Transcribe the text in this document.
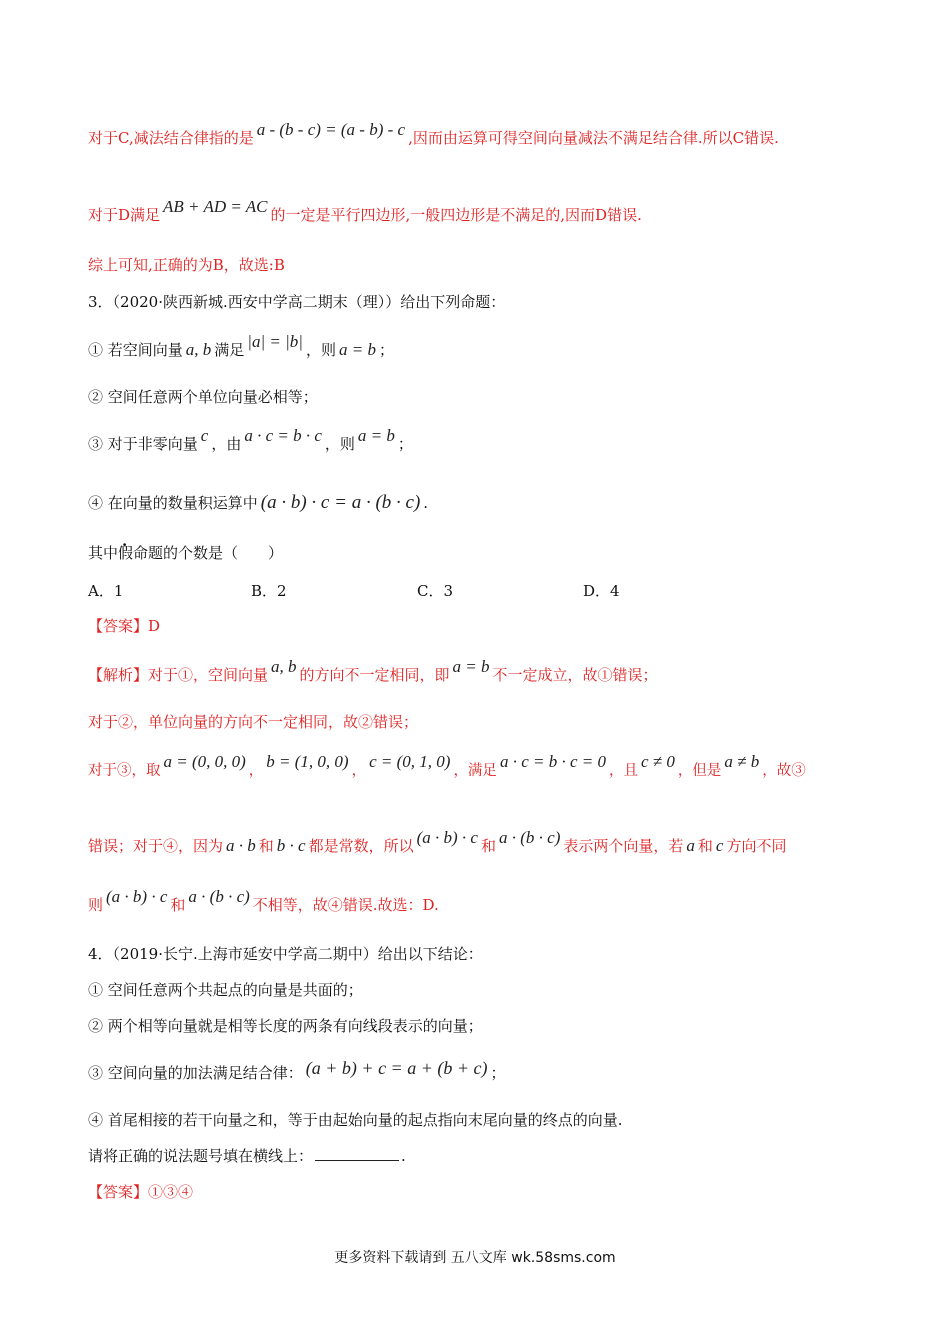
对于C,减法结合律指的是 a - (b - c) = (a - b) - c ,因而由运算可得空间向量减法不满足结合律.所以C错误.
对于D满足 AB + AD = AC 的一定是平行四边形,一般四边形是不满足的,因而D错误.
综上可知,正确的为B，故选:B
3．（2020·陕西新城.西安中学高二期末（理））给出下列命题：
① 若空间向量 a, b 满足 |a| = |b| ，则 a = b ；
② 空间任意两个单位向量必相等；
③ 对于非零向量 c ，由 a · c = b · c ，则 a = b ；
④ 在向量的数量积运算中 (a · b) · c = a · (b · c) .
其中假命题的个数是（　　）
A．1	B．2	C．3	D．4
【答案】D
【解析】对于①，空间向量 a, b 的方向不一定相同，即 a = b 不一定成立，故①错误；
对于②，单位向量的方向不一定相同，故②错误；
对于③，取 a = (0, 0, 0) ， b = (1, 0, 0) ， c = (0, 1, 0) ，满足 a · c = b · c = 0 ，且 c ≠ 0 ，但是 a ≠ b ，故③
错误；对于④，因为 a · b 和 b · c 都是常数，所以 (a · b) · c 和 a · (b · c) 表示两个向量，若 a 和 c 方向不同
则 (a · b) · c 和 a · (b · c) 不相等，故④错误.故选：D.
4．（2019·长宁.上海市延安中学高二期中）给出以下结论：
① 空间任意两个共起点的向量是共面的；
② 两个相等向量就是相等长度的两条有向线段表示的向量；
③ 空间向量的加法满足结合律： (a + b) + c = a + (b + c) ；
④ 首尾相接的若干向量之和，等于由起始向量的起点指向末尾向量的终点的向量.
请将正确的说法题号填在横线上：	.
【答案】①③④
更多资料下载请到 五八文库 wk.58sms.com
